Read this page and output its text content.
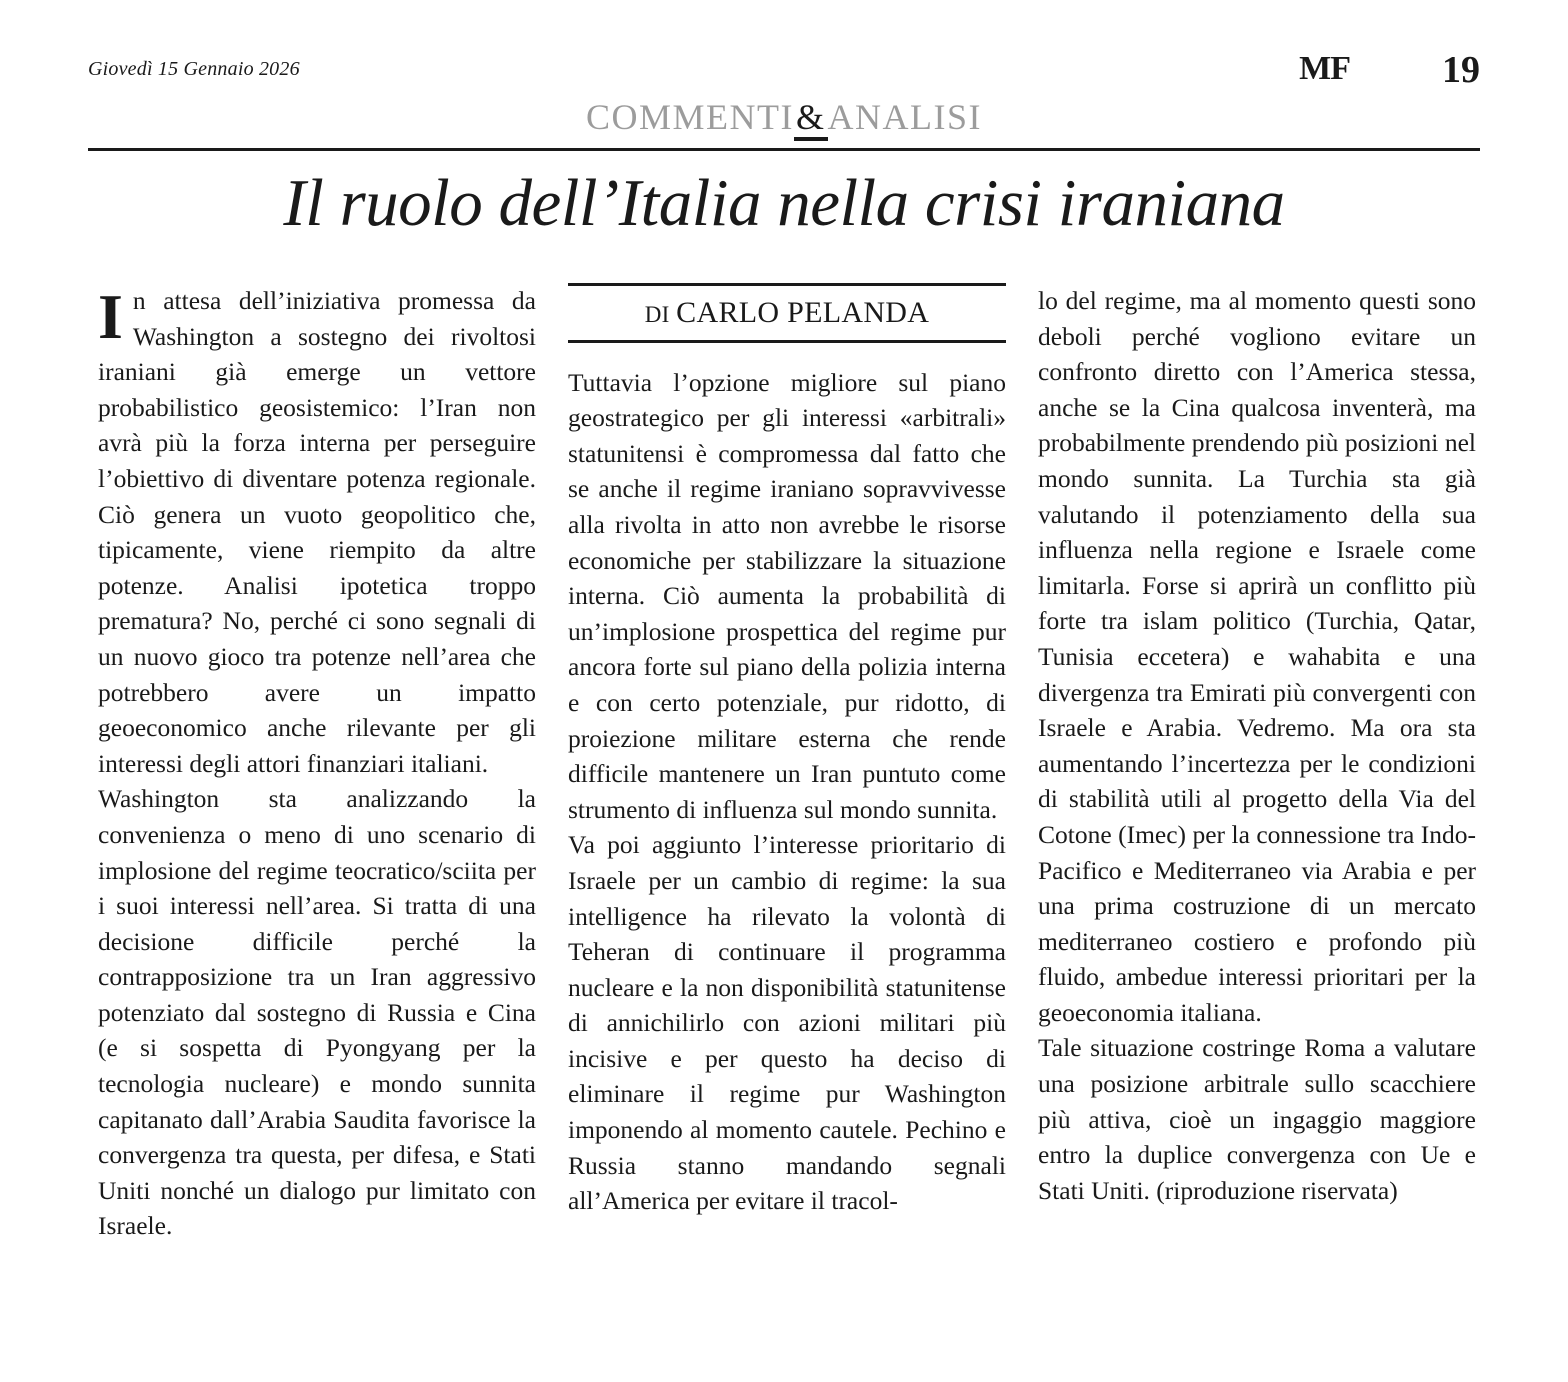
Giovedì 15 Gennaio 2026	MF 19
COMMENTI&ANALISI
Il ruolo dell’Italia nella crisi iraniana

In attesa dell’iniziativa promessa da Washington a sostegno dei rivoltosi iraniani già emerge un vettore probabilistico geosistemico: l’Iran non avrà più la forza interna per perseguire l’obiettivo di diventare potenza regionale. Ciò genera un vuoto geopolitico che, tipicamente, viene riempito da altre potenze. Analisi ipotetica troppo prematura? No, perché ci sono segnali di un nuovo gioco tra potenze nell’area che potrebbero avere un impatto geoeconomico anche rilevante per gli interessi degli attori finanziari italiani.

Washington sta analizzando la convenienza o meno di uno scenario di implosione del regime teocratico/sciita per i suoi interessi nell’area. Si tratta di una decisione difficile perché la contrapposizione tra un Iran aggressivo potenziato dal sostegno di Russia e Cina (e si sospetta di Pyongyang per la tecnologia nucleare) e mondo sunnita capitanato dall’Arabia Saudita favorisce la convergenza tra questa, per difesa, e Stati Uniti nonché un dialogo pur limitato con Israele.

DI CARLO PELANDA

Tuttavia l’opzione migliore sul piano geostrategico per gli interessi «arbitrali» statunitensi è compromessa dal fatto che se anche il regime iraniano sopravvivesse alla rivolta in atto non avrebbe le risorse economiche per stabilizzare la situazione interna. Ciò aumenta la probabilità di un’implosione prospettica del regime pur ancora forte sul piano della polizia interna e con certo potenziale, pur ridotto, di proiezione militare esterna che rende difficile mantenere un Iran puntuto come strumento di influenza sul mondo sunnita.

Va poi aggiunto l’interesse prioritario di Israele per un cambio di regime: la sua intelligence ha rilevato la volontà di Teheran di continuare il programma nucleare e la non disponibilità statunitense di annichilirlo con azioni militari più incisive e per questo ha deciso di eliminare il regime pur Washington imponendo al momento cautele. Pechino e Russia stanno mandando segnali all’America per evitare il tracol-

lo del regime, ma al momento questi sono deboli perché vogliono evitare un confronto diretto con l’America stessa, anche se la Cina qualcosa inventerà, ma probabilmente prendendo più posizioni nel mondo sunnita. La Turchia sta già valutando il potenziamento della sua influenza nella regione e Israele come limitarla. Forse si aprirà un conflitto più forte tra islam politico (Turchia, Qatar, Tunisia eccetera) e wahabita e una divergenza tra Emirati più convergenti con Israele e Arabia. Vedremo. Ma ora sta aumentando l’incertezza per le condizioni di stabilità utili al progetto della Via del Cotone (Imec) per la connessione tra Indo-Pacifico e Mediterraneo via Arabia e per una prima costruzione di un mercato mediterraneo costiero e profondo più fluido, ambedue interessi prioritari per la geoeconomia italiana.

Tale situazione costringe Roma a valutare una posizione arbitrale sullo scacchiere più attiva, cioè un ingaggio maggiore entro la duplice convergenza con Ue e Stati Uniti. (riproduzione riservata)
